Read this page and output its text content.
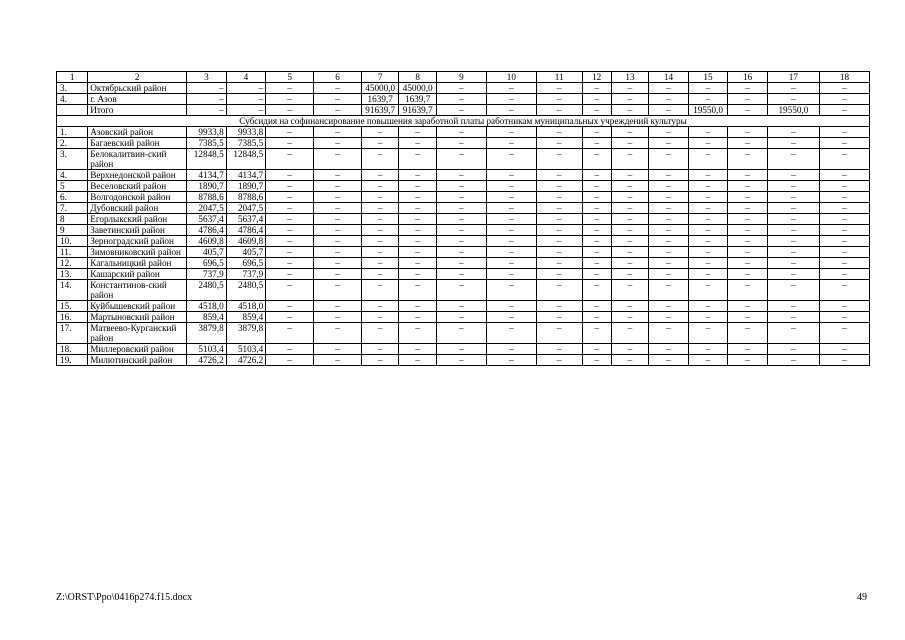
1	2	3	4	5	6	7	8	9	10	11	12	13	14	15	16	17	18
3.	Октябрьский район	–	–	–	–	45000,0	45000,0	–	–	–	–	–	–	–	–	–	–
4.	г. Азов	–	–	–	–	1639,7	1639,7	–	–	–	–	–	–	–	–	–	–
	Итого	–	–	–	–	91639,7	91639,7	–	–	–	–	–	–	19550,0	–	19550,0	–
Субсидия на софинансирование повышения заработной платы работникам муниципальных учреждений культуры																	
1.	Азовский район	9933,8	9933,8	–	–	–	–	–	–	–	–	–	–	–	–	–	–
2.	Багаевский район	7385,5	7385,5	–	–	–	–	–	–	–	–	–	–	–	–	–	–
3.	Белокалитвин-ский район	12848,5	12848,5	–	–	–	–	–	–	–	–	–	–	–	–	–	–
4.	Верхнедонской район	4134,7	4134,7	–	–	–	–	–	–	–	–	–	–	–	–	–	–
5	Веселовский район	1890,7	1890,7	–	–	–	–	–	–	–	–	–	–	–	–	–	–
6.	Волгодонской район	8788,6	8788,6	–	–	–	–	–	–	–	–	–	–	–	–	–	–
7.	Дубовский район	2047,5	2047,5	–	–	–	–	–	–	–	–	–	–	–	–	–	–
8	Егорлыкский район	5637,4	5637,4	–	–	–	–	–	–	–	–	–	–	–	–	–	–
9	Заветинский район	4786,4	4786,4	–	–	–	–	–	–	–	–	–	–	–	–	–	–
10.	Зерноградский район	4609,8	4609,8	–	–	–	–	–	–	–	–	–	–	–	–	–	–
11.	Зимовниковский район	405,7	405,7	–	–	–	–	–	–	–	–	–	–	–	–	–	–
12.	Кагальницкий район	696,5	696,5	–	–	–	–	–	–	–	–	–	–	–	–	–	–
13.	Кашарский район	737,9	737,9	–	–	–	–	–	–	–	–	–	–	–	–	–	–
14.	Константинов-ский район	2480,5	2480,5	–	–	–	–	–	–	–	–	–	–	–	–	–	–
15.	Куйбышевский район	4518,0	4518,0	–	–	–	–	–	–	–	–	–	–	–	–	–	–
16.	Мартыновский район	859,4	859,4	–	–	–	–	–	–	–	–	–	–	–	–	–	–
17.	Матвеево-Курганский район	3879,8	3879,8	–	–	–	–	–	–	–	–	–	–	–	–	–	–
18.	Миллеровский район	5103,4	5103,4	–	–	–	–	–	–	–	–	–	–	–	–	–	–
19.	Милютинский район	4726,2	4726,2	–	–	–	–	–	–	–	–	–	–	–	–	–	–
Z:\ORST\Ppo\0416p274.f15.docx	49
